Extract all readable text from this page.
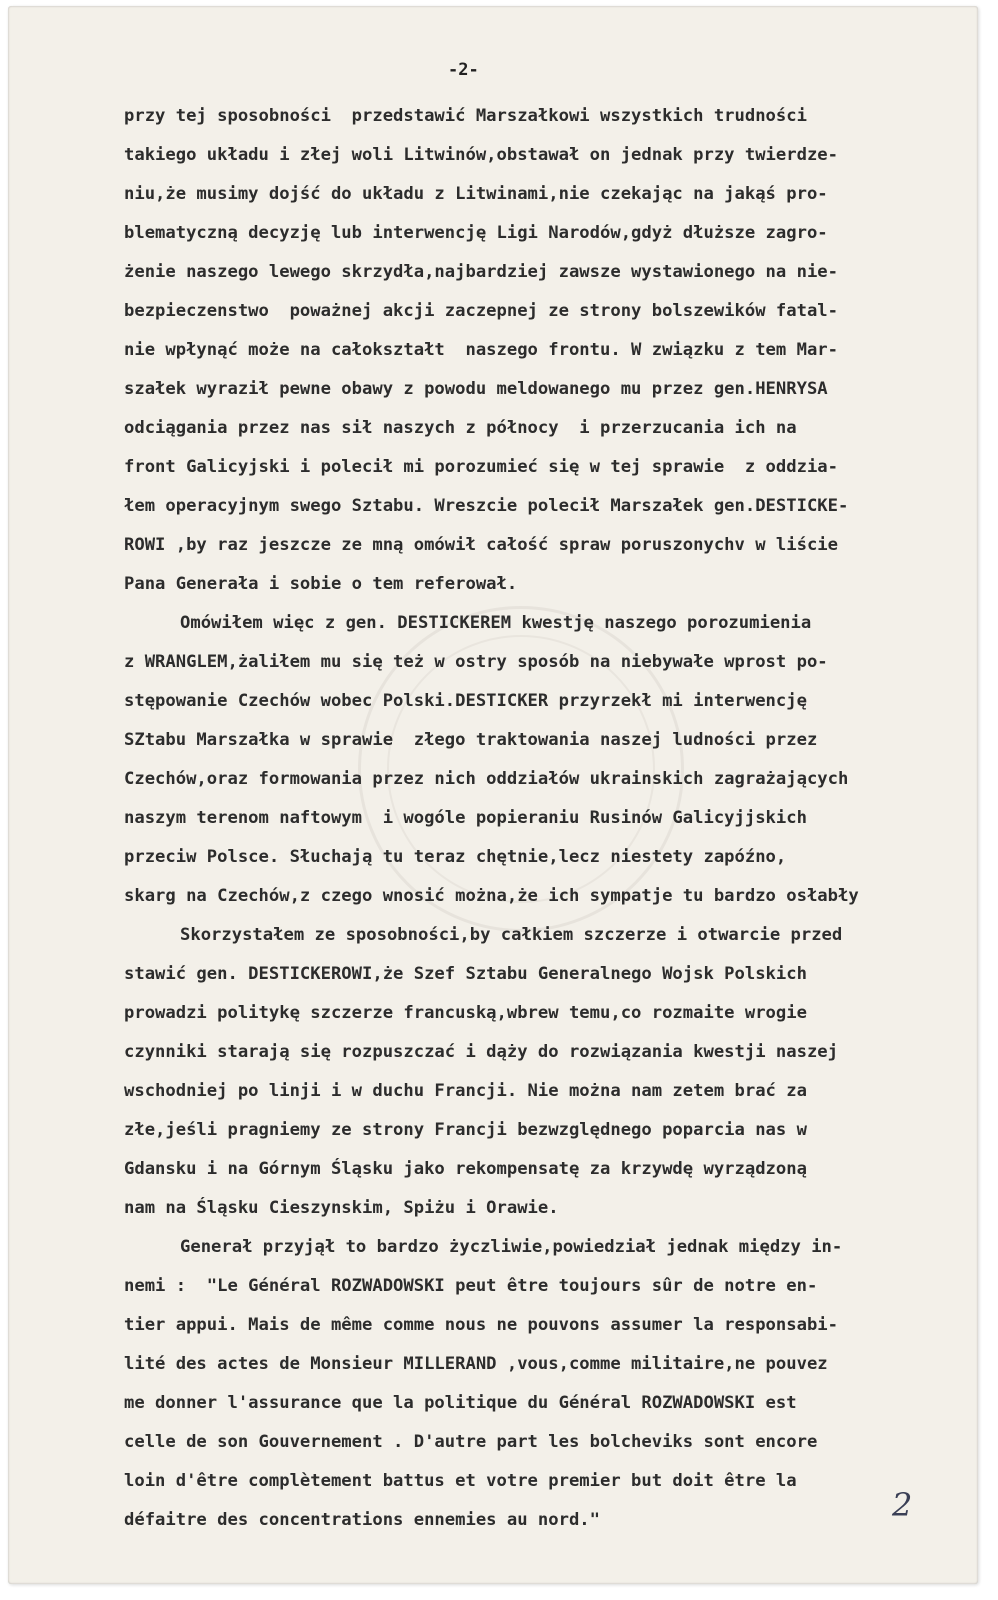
-2-
przy tej sposobności  przedstawić Marszałkowi wszystkich trudności
takiego układu i złej woli Litwinów,obstawał on jednak przy twierdze-
niu,że musimy dojść do układu z Litwinami,nie czekając na jakąś pro-
blematyczną decyzję lub interwencję Ligi Narodów,gdyż dłuższe zagro-
żenie naszego lewego skrzydła,najbardziej zawsze wystawionego na nie-
bezpieczenstwo  poważnej akcji zaczepnej ze strony bolszewików fatal-
nie wpłynąć może na całokształt  naszego frontu. W związku z tem Mar-
szałek wyraził pewne obawy z powodu meldowanego mu przez gen.HENRYSA
odciągania przez nas sił naszych z północy  i przerzucania ich na
front Galicyjski i polecił mi porozumieć się w tej sprawie  z oddzia-
łem operacyjnym swego Sztabu. Wreszcie polecił Marszałek gen.DESTICKE-
ROWI ,by raz jeszcze ze mną omówił całość spraw poruszonychv w liście
Pana Generała i sobie o tem referował.
Omówiłem więc z gen. DESTICKEREM kwestję naszego porozumienia
z WRANGLEM,żaliłem mu się też w ostry sposób na niebywałe wprost po-
stępowanie Czechów wobec Polski.DESTICKER przyrzekł mi interwencję
SZtabu Marszałka w sprawie  złego traktowania naszej ludności przez
Czechów,oraz formowania przez nich oddziałów ukrainskich zagrażających
naszym terenom naftowym  i wogóle popieraniu Rusinów Galicyjjskich
przeciw Polsce. Słuchają tu teraz chętnie,lecz niestety zapóźno,
skarg na Czechów,z czego wnosić można,że ich sympatje tu bardzo osłabły
Skorzystałem ze sposobności,by całkiem szczerze i otwarcie przed
stawić gen. DESTICKEROWI,że Szef Sztabu Generalnego Wojsk Polskich
prowadzi politykę szczerze francuską,wbrew temu,co rozmaite wrogie
czynniki starają się rozpuszczać i dąży do rozwiązania kwestji naszej
wschodniej po linji i w duchu Francji. Nie można nam zetem brać za
złe,jeśli pragniemy ze strony Francji bezwzględnego poparcia nas w
Gdansku i na Górnym Śląsku jako rekompensatę za krzywdę wyrządzoną
nam na Śląsku Cieszynskim, Spiżu i Orawie.
Generał przyjął to bardzo życzliwie,powiedział jednak między in-
nemi :  "Le Général ROZWADOWSKI peut être toujours sûr de notre en-
tier appui. Mais de même comme nous ne pouvons assumer la responsabi-
lité des actes de Monsieur MILLERAND ,vous,comme militaire,ne pouvez
me donner l'assurance que la politique du Général ROZWADOWSKI est
celle de son Gouvernement . D'autre part les bolcheviks sont encore
loin d'être complètement battus et votre premier but doit être la
défaitre des concentrations ennemies au nord."	2
